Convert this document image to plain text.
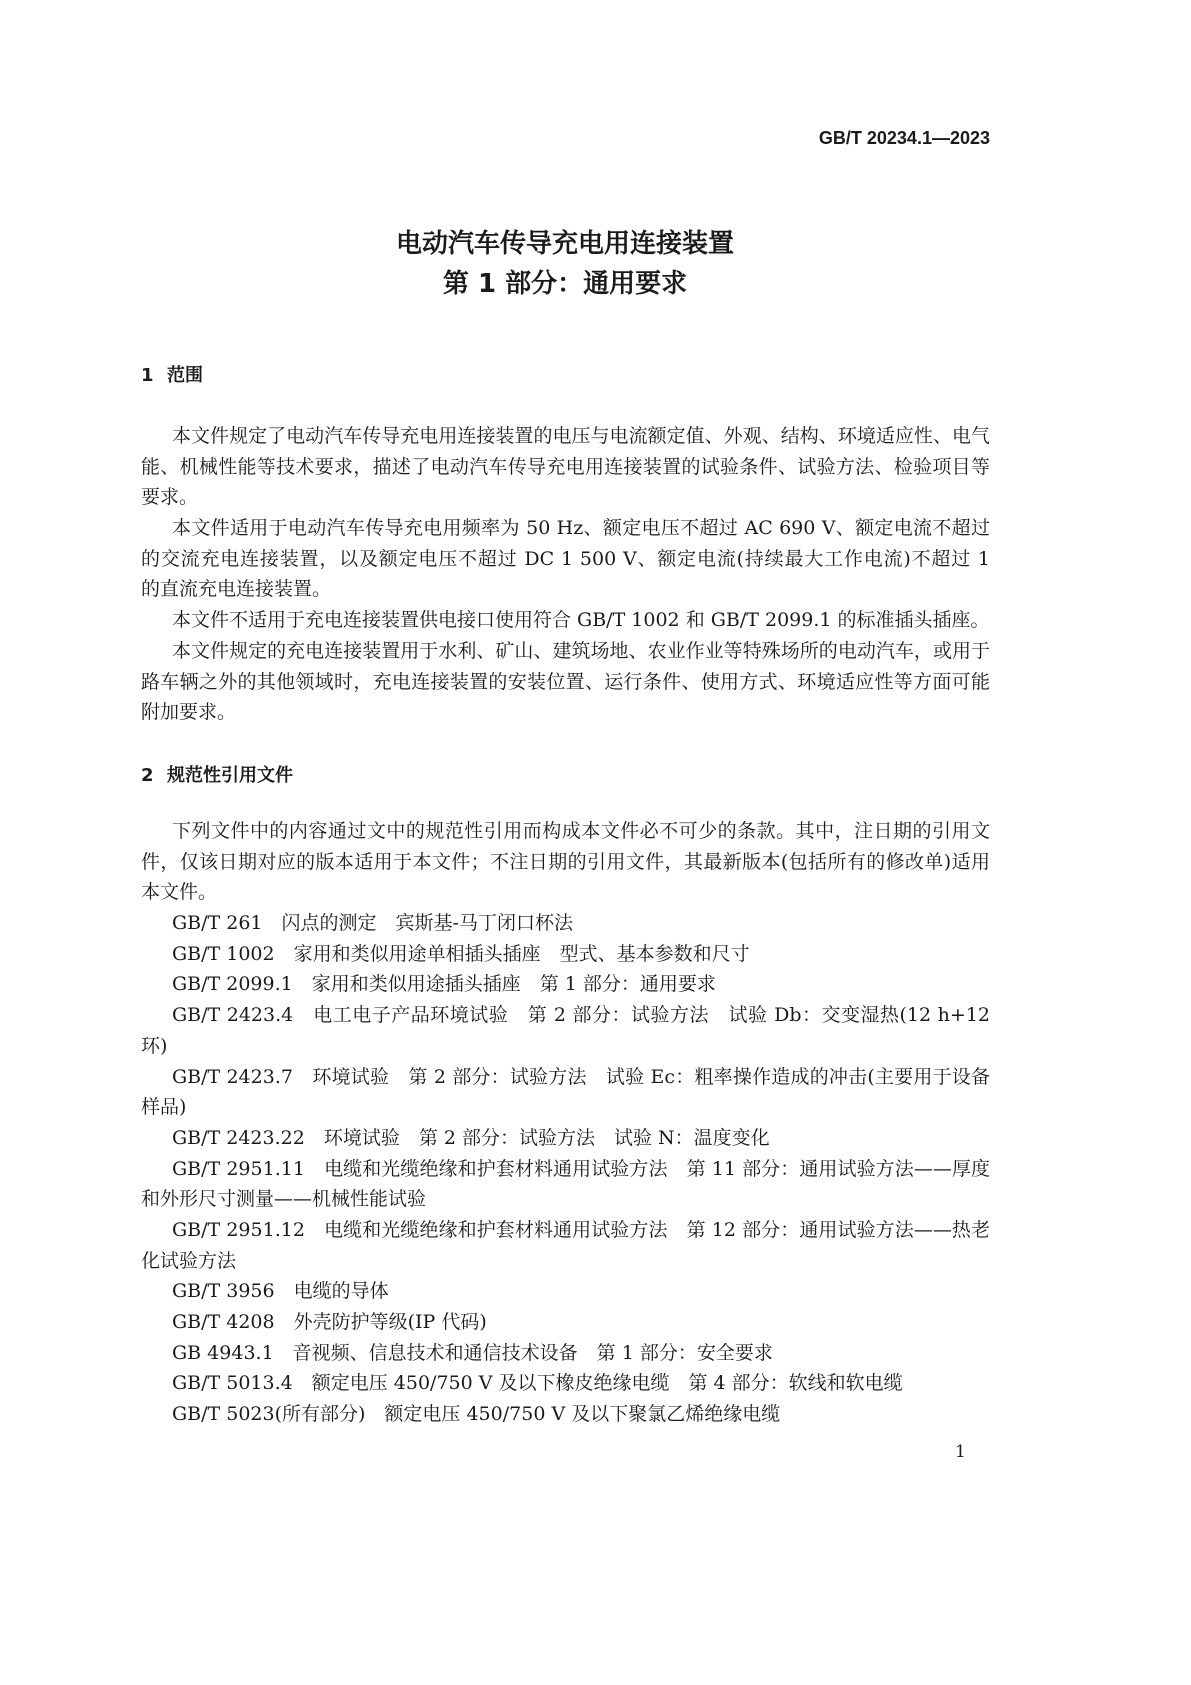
GB/T 20234.1—2023
电动汽车传导充电用连接装置
第 1 部分：通用要求
1 范围
本文件规定了电动汽车传导充电用连接装置的电压与电流额定值、外观、结构、环境适应性、电气
能、机械性能等技术要求，描述了电动汽车传导充电用连接装置的试验条件、试验方法、检验项目等
要求。
本文件适用于电动汽车传导充电用频率为 50 Hz、额定电压不超过 AC 690 V、额定电流不超过
的交流充电连接装置，以及额定电压不超过 DC 1 500 V、额定电流(持续最大工作电流)不超过 1
的直流充电连接装置。
本文件不适用于充电连接装置供电接口使用符合 GB/T 1002 和 GB/T 2099.1 的标准插头插座。
本文件规定的充电连接装置用于水利、矿山、建筑场地、农业作业等特殊场所的电动汽车，或用于
路车辆之外的其他领域时，充电连接装置的安装位置、运行条件、使用方式、环境适应性等方面可能
附加要求。
2 规范性引用文件
下列文件中的内容通过文中的规范性引用而构成本文件必不可少的条款。其中，注日期的引用文
件，仅该日期对应的版本适用于本文件；不注日期的引用文件，其最新版本(包括所有的修改单)适用
本文件。
GB/T 261　闪点的测定　宾斯基-马丁闭口杯法
GB/T 1002　家用和类似用途单相插头插座　型式、基本参数和尺寸
GB/T 2099.1　家用和类似用途插头插座　第 1 部分：通用要求
GB/T 2423.4　电工电子产品环境试验　第 2 部分：试验方法　试验 Db：交变湿热(12 h+12
环)
GB/T 2423.7　环境试验　第 2 部分：试验方法　试验 Ec：粗率操作造成的冲击(主要用于设备
样品)
GB/T 2423.22　环境试验　第 2 部分：试验方法　试验 N：温度变化
GB/T 2951.11　电缆和光缆绝缘和护套材料通用试验方法　第 11 部分：通用试验方法——厚度
和外形尺寸测量——机械性能试验
GB/T 2951.12　电缆和光缆绝缘和护套材料通用试验方法　第 12 部分：通用试验方法——热老
化试验方法
GB/T 3956　电缆的导体
GB/T 4208　外壳防护等级(IP 代码)
GB 4943.1　音视频、信息技术和通信技术设备　第 1 部分：安全要求
GB/T 5013.4　额定电压 450/750 V 及以下橡皮绝缘电缆　第 4 部分：软线和软电缆
GB/T 5023(所有部分)　额定电压 450/750 V 及以下聚氯乙烯绝缘电缆
1
